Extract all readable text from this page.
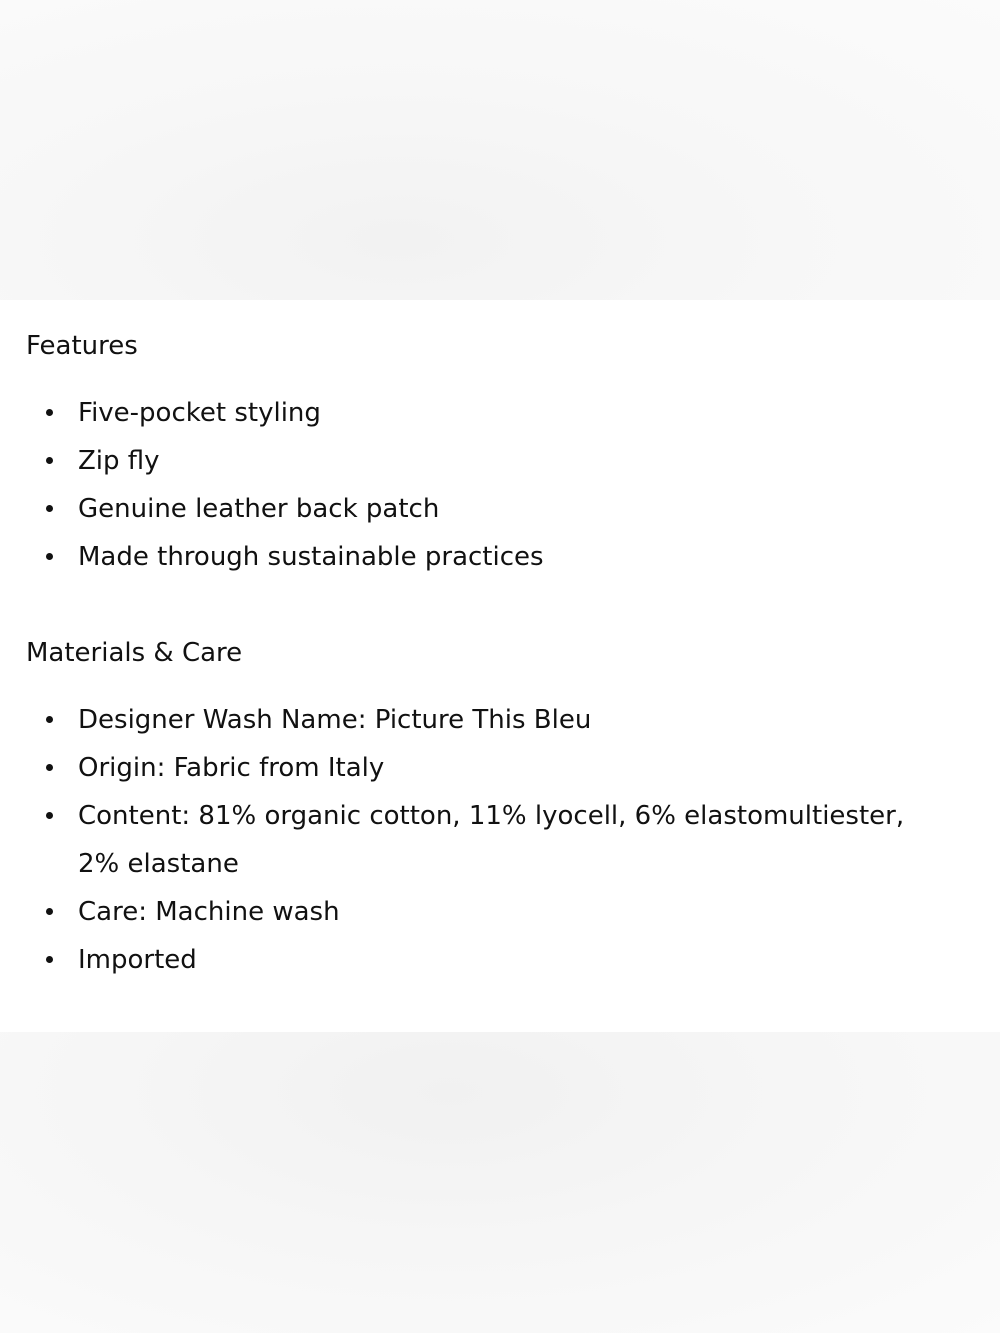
Features
Five-pocket styling
Zip fly
Genuine leather back patch
Made through sustainable practices
Materials & Care
Designer Wash Name: Picture This Bleu
Origin: Fabric from Italy
Content: 81% organic cotton, 11% lyocell, 6% elastomultiester, 2% elastane
Care: Machine wash
Imported
